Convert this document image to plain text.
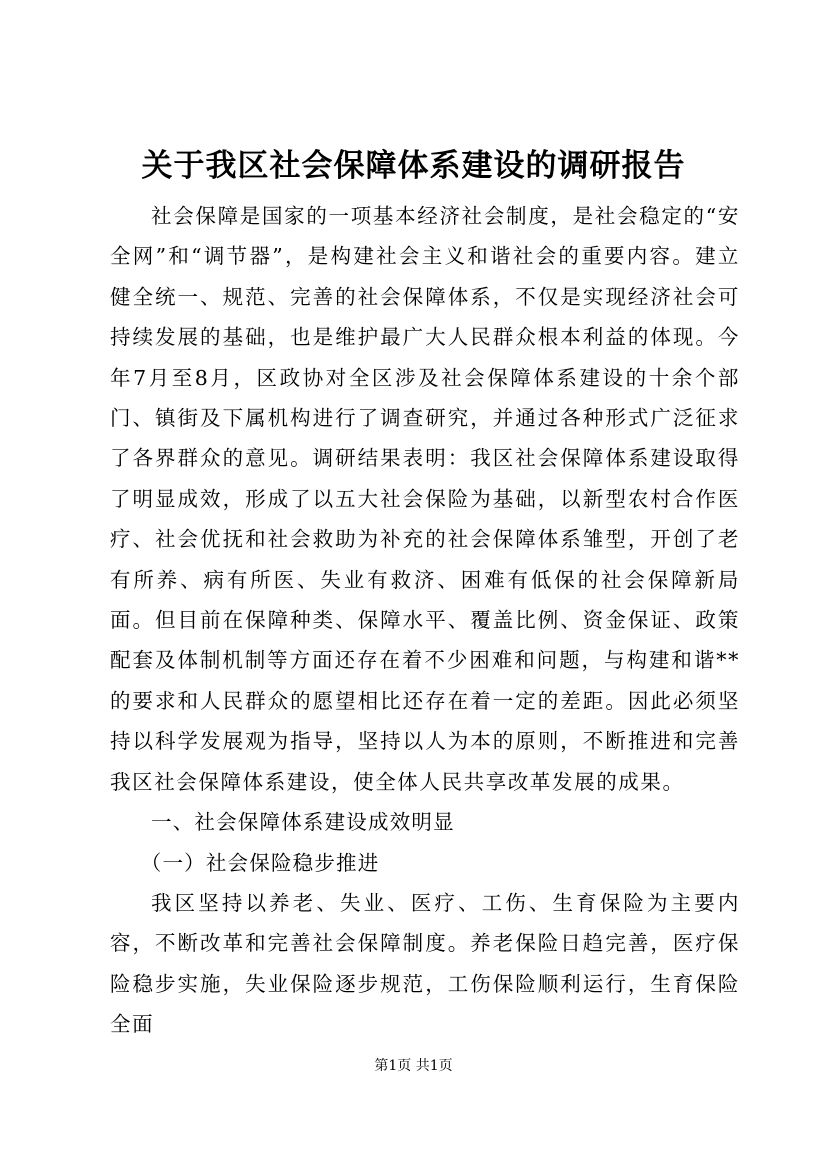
关于我区社会保障体系建设的调研报告

社会保障是国家的一项基本经济社会制度，是社会稳定的“安全网”和“调节器”，是构建社会主义和谐社会的重要内容。建立健全统一、规范、完善的社会保障体系，不仅是实现经济社会可持续发展的基础，也是维护最广大人民群众根本利益的体现。今年7月至8月，区政协对全区涉及社会保障体系建设的十余个部门、镇街及下属机构进行了调查研究，并通过各种形式广泛征求了各界群众的意见。调研结果表明：我区社会保障体系建设取得了明显成效，形成了以五大社会保险为基础，以新型农村合作医疗、社会优抚和社会救助为补充的社会保障体系雏型，开创了老有所养、病有所医、失业有救济、困难有低保的社会保障新局面。但目前在保障种类、保障水平、覆盖比例、资金保证、政策配套及体制机制等方面还存在着不少困难和问题，与构建和谐**的要求和人民群众的愿望相比还存在着一定的差距。因此必须坚持以科学发展观为指导，坚持以人为本的原则，不断推进和完善我区社会保障体系建设，使全体人民共享改革发展的成果。

一、社会保障体系建设成效明显

（一）社会保险稳步推进

我区坚持以养老、失业、医疗、工伤、生育保险为主要内容，不断改革和完善社会保障制度。养老保险日趋完善，医疗保险稳步实施，失业保险逐步规范，工伤保险顺利运行，生育保险全面

第1页 共1页
